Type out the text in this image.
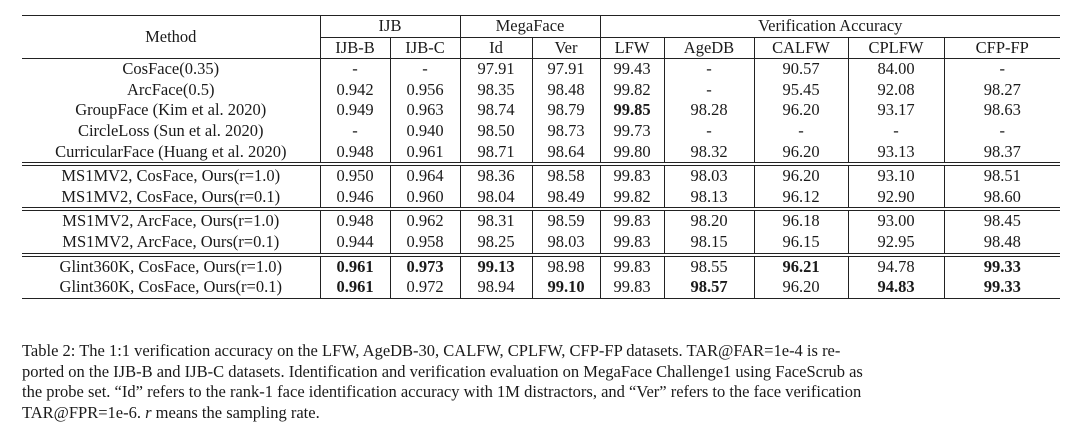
Method	IJB		MegaFace		Verification Accuracy				
	IJB-B	IJB-C	Id	Ver	LFW	AgeDB	CALFW	CPLFW	CFP-FP
CosFace(0.35)	-	-	97.91	97.91	99.43	-	90.57	84.00	-
ArcFace(0.5)	0.942	0.956	98.35	98.48	99.82	-	95.45	92.08	98.27
GroupFace (Kim et al. 2020)	0.949	0.963	98.74	98.79	99.85	98.28	96.20	93.17	98.63
CircleLoss (Sun et al. 2020)	-	0.940	98.50	98.73	99.73	-	-	-	-
CurricularFace (Huang et al. 2020)	0.948	0.961	98.71	98.64	99.80	98.32	96.20	93.13	98.37
MS1MV2, CosFace, Ours(r=1.0)	0.950	0.964	98.36	98.58	99.83	98.03	96.20	93.10	98.51
MS1MV2, CosFace, Ours(r=0.1)	0.946	0.960	98.04	98.49	99.82	98.13	96.12	92.90	98.60
MS1MV2, ArcFace, Ours(r=1.0)	0.948	0.962	98.31	98.59	99.83	98.20	96.18	93.00	98.45
MS1MV2, ArcFace, Ours(r=0.1)	0.944	0.958	98.25	98.03	99.83	98.15	96.15	92.95	98.48
Glint360K, CosFace, Ours(r=1.0)	0.961	0.973	99.13	98.98	99.83	98.55	96.21	94.78	99.33
Glint360K, CosFace, Ours(r=0.1)	0.961	0.972	98.94	99.10	99.83	98.57	96.20	94.83	99.33
Table 2: The 1:1 verification accuracy on the LFW, AgeDB-30, CALFW, CPLFW, CFP-FP datasets. TAR@FAR=1e-4 is re-
ported on the IJB-B and IJB-C datasets. Identification and verification evaluation on MegaFace Challenge1 using FaceScrub as
the probe set. “Id” refers to the rank-1 face identification accuracy with 1M distractors, and “Ver” refers to the face verification
TAR@FPR=1e-6. r means the sampling rate.
